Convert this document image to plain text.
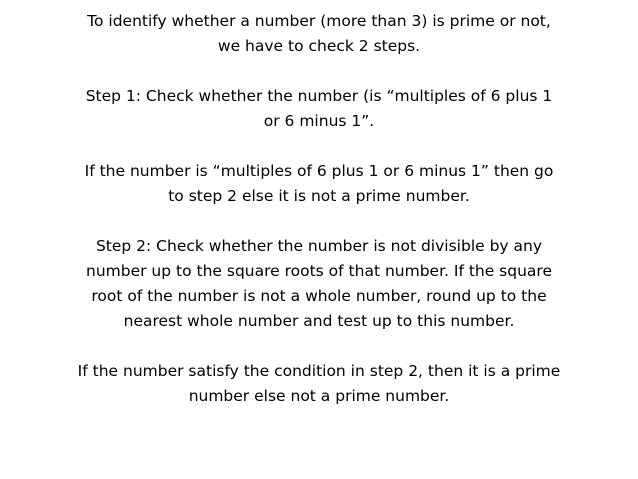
To identify whether a number (more than 3) is prime or not,
we have to check 2 steps.

Step 1: Check whether the number (is “multiples of 6 plus 1
or 6 minus 1”.

If the number is “multiples of 6 plus 1 or 6 minus 1” then go
to step 2 else it is not a prime number.

Step 2: Check whether the number is not divisible by any
number up to the square roots of that number. If the square
root of the number is not a whole number, round up to the
nearest whole number and test up to this number.

If the number satisfy the condition in step 2, then it is a prime
number else not a prime number.
